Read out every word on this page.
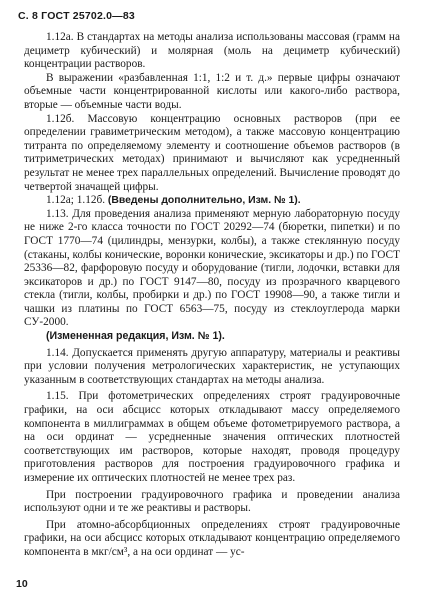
С. 8 ГОСТ 25702.0—83

1.12а. В стандартах на методы анализа использованы массовая (грамм на дециметр кубический) и молярная (моль на дециметр кубический) концентрации растворов.

В выражении «разбавленная 1:1, 1:2 и т. д.» первые цифры означают объемные части концентрированной кислоты или какого-либо раствора, вторые — объемные части воды.

1.12б. Массовую концентрацию основных растворов (при ее определении гравиметрическим методом), а также массовую концентрацию титранта по определяемому элементу и соотношение объемов растворов (в титриметрических методах) принимают и вычисляют как усредненный результат не менее трех параллельных определений. Вычисление проводят до четвертой значащей цифры.

1.12а; 1.12б. (Введены дополнительно, Изм. № 1).

1.13. Для проведения анализа применяют мерную лабораторную посуду не ниже 2-го класса точности по ГОСТ 20292—74 (бюретки, пипетки) и по ГОСТ 1770—74 (цилиндры, мензурки, колбы), а также стеклянную посуду (стаканы, колбы конические, воронки конические, эксикаторы и др.) по ГОСТ 25336—82, фарфоровую посуду и оборудование (тигли, лодочки, вставки для эксикаторов и др.) по ГОСТ 9147—80, посуду из прозрачного кварцевого стекла (тигли, колбы, пробирки и др.) по ГОСТ 19908—90, а также тигли и чашки из платины по ГОСТ 6563—75, посуду из стеклоуглерода марки СУ-2000.

(Измененная редакция, Изм. № 1).

1.14. Допускается применять другую аппаратуру, материалы и реактивы при условии получения метрологических характеристик, не уступающих указанным в соответствующих стандартах на методы анализа.

1.15. При фотометрических определениях строят градуировочные графики, на оси абсцисс которых откладывают массу определяемого компонента в миллиграммах в общем объеме фотометрируемого раствора, а на оси ординат — усредненные значения оптических плотностей соответствующих им растворов, которые находят, проводя процедуру приготовления растворов для построения градуировочного графика и измерение их оптических плотностей не менее трех раз.

При построении градуировочного графика и проведении анализа используют одни и те же реактивы и растворы.

При атомно-абсорбционных определениях строят градуировочные графики, на оси абсцисс которых откладывают концентрацию определяемого компонента в мкг/см³, а на оси ординат — ус-

10
